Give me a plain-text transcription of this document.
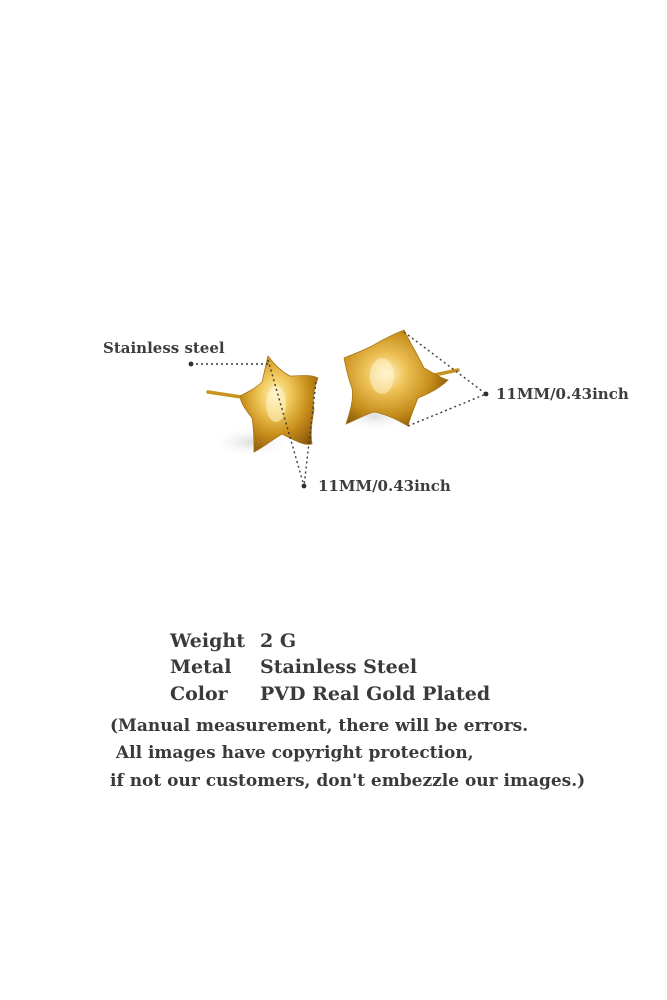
Stainless steel
11MM/0.43inch
11MM/0.43inch
Weight 2 G
Metal Stainless Steel
Color PVD Real Gold Plated
(Manual measurement, there will be errors.
All images have copyright protection,
if not our customers, don't embezzle our images.)
